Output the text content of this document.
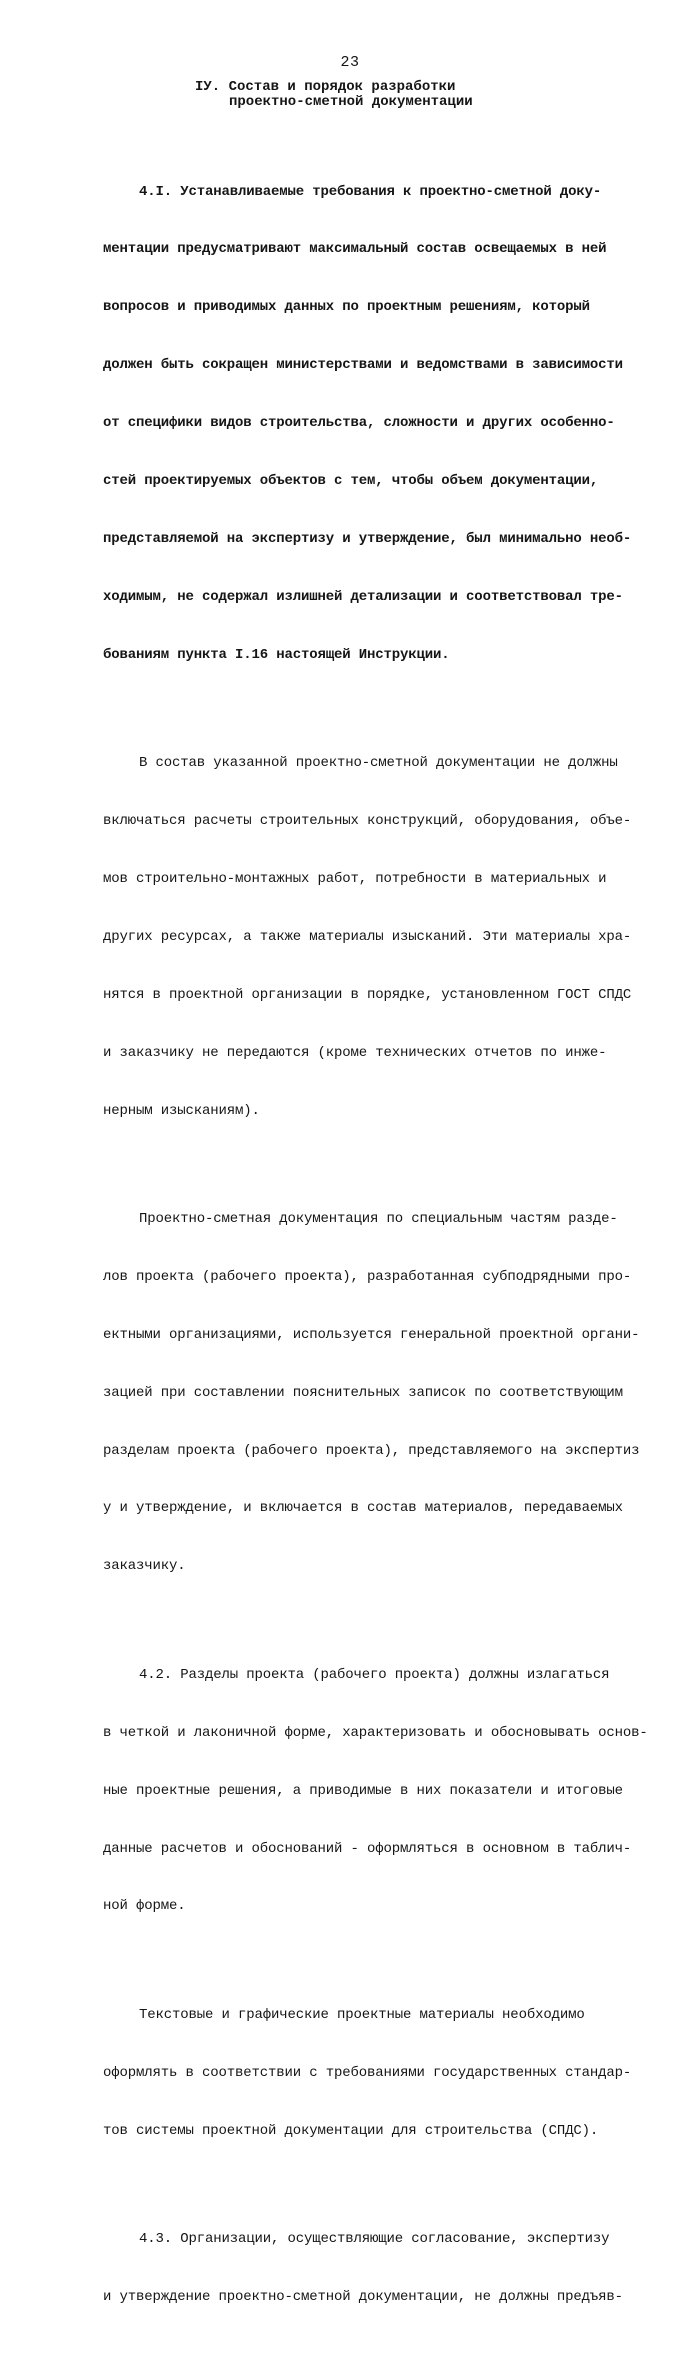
23
IУ. Состав и порядок разработки
проектно-сметной документации

4.I. Устанавливаемые требования к проектно-сметной доку-

ментации предусматривают максимальный состав освещаемых в ней

вопросов и приводимых данных по проектным решениям, который

должен быть сокращен министерствами и ведомствами в зависимости

от специфики видов строительства, сложности и других особенно-

стей проектируемых объектов с тем, чтобы объем документации,

представляемой на экспертизу и утверждение, был минимально необ-

ходимым, не содержал излишней детализации и соответствовал тре-

бованиям пункта I.16 настоящей Инструкции.

В состав указанной проектно-сметной документации не должны

включаться расчеты строительных конструкций, оборудования, объе-

мов строительно-монтажных работ, потребности в материальных и

других ресурсах, а также материалы изысканий. Эти материалы хра-

нятся в проектной организации в порядке, установленном ГОСТ СПДС

и заказчику не передаются (кроме технических отчетов по инже-

нерным изысканиям).

Проектно-сметная документация по специальным частям разде-

лов проекта (рабочего проекта), разработанная субподрядными про-

ектными организациями, используется генеральной проектной органи-

зацией при составлении пояснительных записок по соответствующим

разделам проекта (рабочего проекта), представляемого на экспертиз

у и утверждение, и включается в состав материалов, передаваемых

заказчику.

4.2. Разделы проекта (рабочего проекта) должны излагаться

в четкой и лаконичной форме, характеризовать и обосновывать основ-

ные проектные решения, а приводимые в них показатели и итоговые

данные расчетов и обоснований - оформляться в основном в таблич-

ной форме.

Текстовые и графические проектные материалы необходимо

оформлять в соответствии с требованиями государственных стандар-

тов системы проектной документации для строительства (СПДС).

4.3. Организации, осуществляющие согласование, экспертизу

и утверждение проектно-сметной документации, не должны предъяв-
